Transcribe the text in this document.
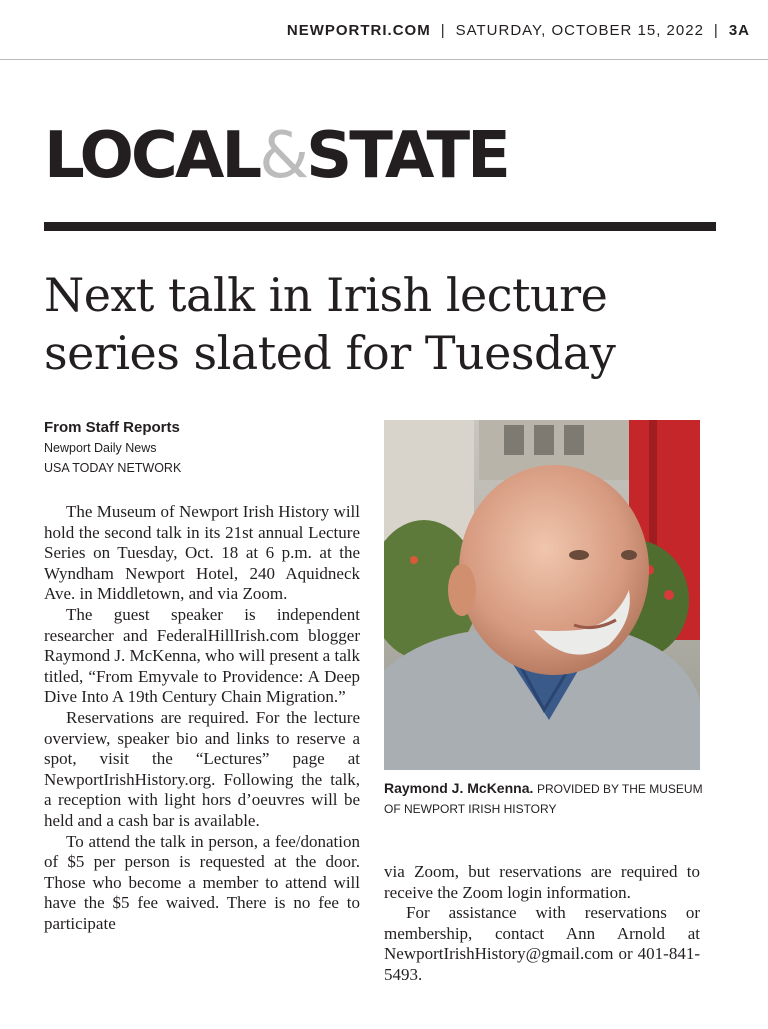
NEWPORTRI.COM | SATURDAY, OCTOBER 15, 2022 | 3A
LOCAL&STATE
Next talk in Irish lecture
series slated for Tuesday
From Staff Reports
Newport Daily News
USA TODAY NETWORK

The Museum of Newport Irish History will hold the second talk in its 21st annual Lecture Series on Tuesday, Oct. 18 at 6 p.m. at the Wyndham Newport Hotel, 240 Aquidneck Ave. in Middletown, and via Zoom.

The guest speaker is independent researcher and FederalHillIrish.com blogger Raymond J. McKenna, who will present a talk titled, “From Emyvale to Providence: A Deep Dive Into A 19th Century Chain Migration.”

Reservations are required. For the lecture overview, speaker bio and links to reserve a spot, visit the “Lectures” page at NewportIrishHistory.org. Following the talk, a reception with light hors d’oeuvres will be held and a cash bar is available.

To attend the talk in person, a fee/donation of $5 per person is requested at the door. Those who become a member to attend will have the $5 fee waived. There is no fee to participate

Raymond J. McKenna. PROVIDED BY THE MUSEUM OF NEWPORT IRISH HISTORY

via Zoom, but reservations are required to receive the Zoom login information.

For assistance with reservations or membership, contact Ann Arnold at NewportIrishHistory@gmail.com or 401-841-5493.
